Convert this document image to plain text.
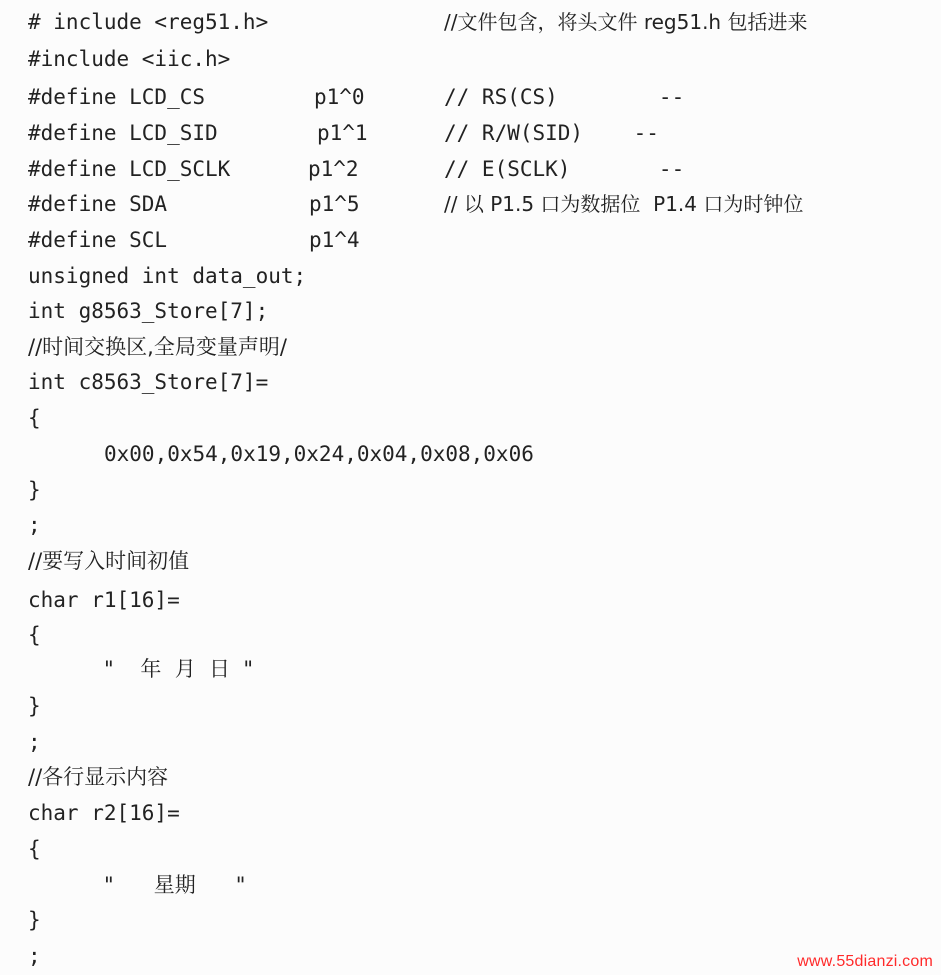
# include <reg51.h>
#include <iic.h>
#define LCD_CS
#define LCD_SID
#define LCD_SCLK
#define SDA
#define SCL
unsigned int data_out;
int g8563_Store[7];
//时间交换区,全局变量声明/
int c8563_Store[7]=
{
0x00,0x54,0x19,0x24,0x04,0x08,0x06
}
;
//要写入时间初值
char r1[16]=
{
"    年  月  日  "
}
;
//各行显示内容
char r2[16]=
{
"      星期      "
}
;
p1^0
p1^1
p1^2
p1^5
p1^4
//文件包含，将头文件 reg51.h 包括进来
// RS(CS)        --
// R/W(SID)    --
// E(SCLK)       --
// 以 P1.5 口为数据位  P1.4 口为时钟位
www.55dianzi.com
